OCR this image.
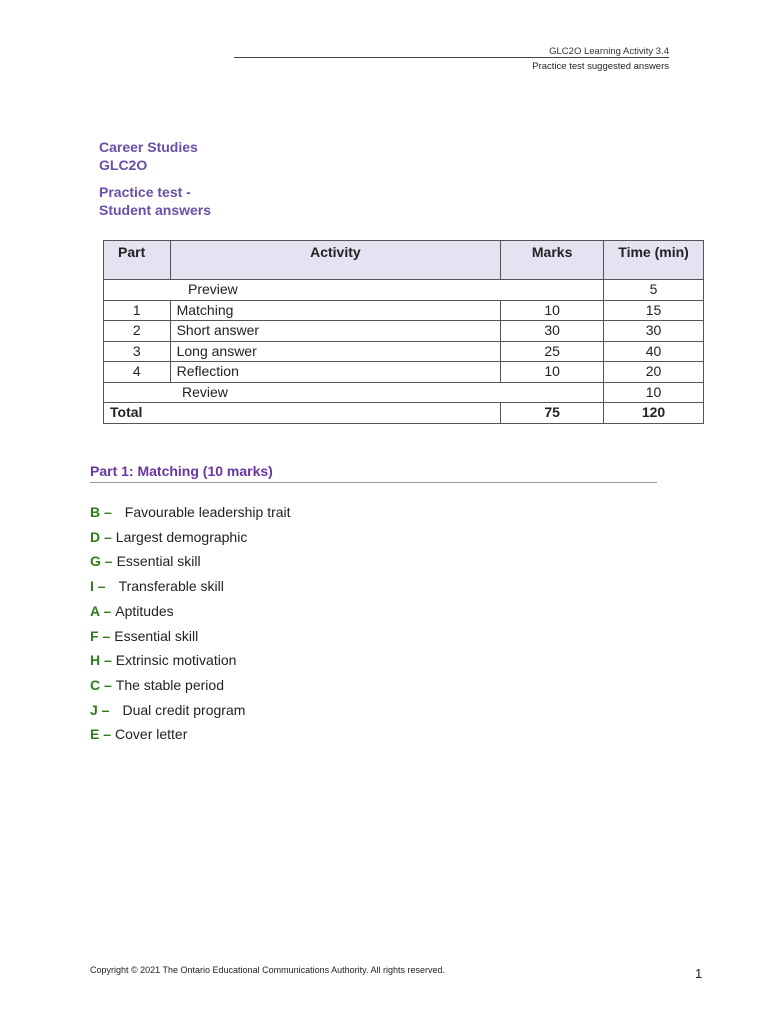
GLC2O Learning Activity 3.4
Practice test suggested answers
Career Studies
GLC2O
Practice test -
Student answers
Part	Activity	Marks	Time (min)
Preview			5
1	Matching	10	15
2	Short answer	30	30
3	Long answer	25	40
4	Reflection	10	20
Review			10
Total		75	120
Part 1: Matching (10 marks)
B – Favourable leadership trait
D – Largest demographic
G – Essential skill
I – Transferable skill
A – Aptitudes
F – Essential skill
H – Extrinsic motivation
C – The stable period
J – Dual credit program
E – Cover letter
Copyright © 2021 The Ontario Educational Communications Authority. All rights reserved.	1
